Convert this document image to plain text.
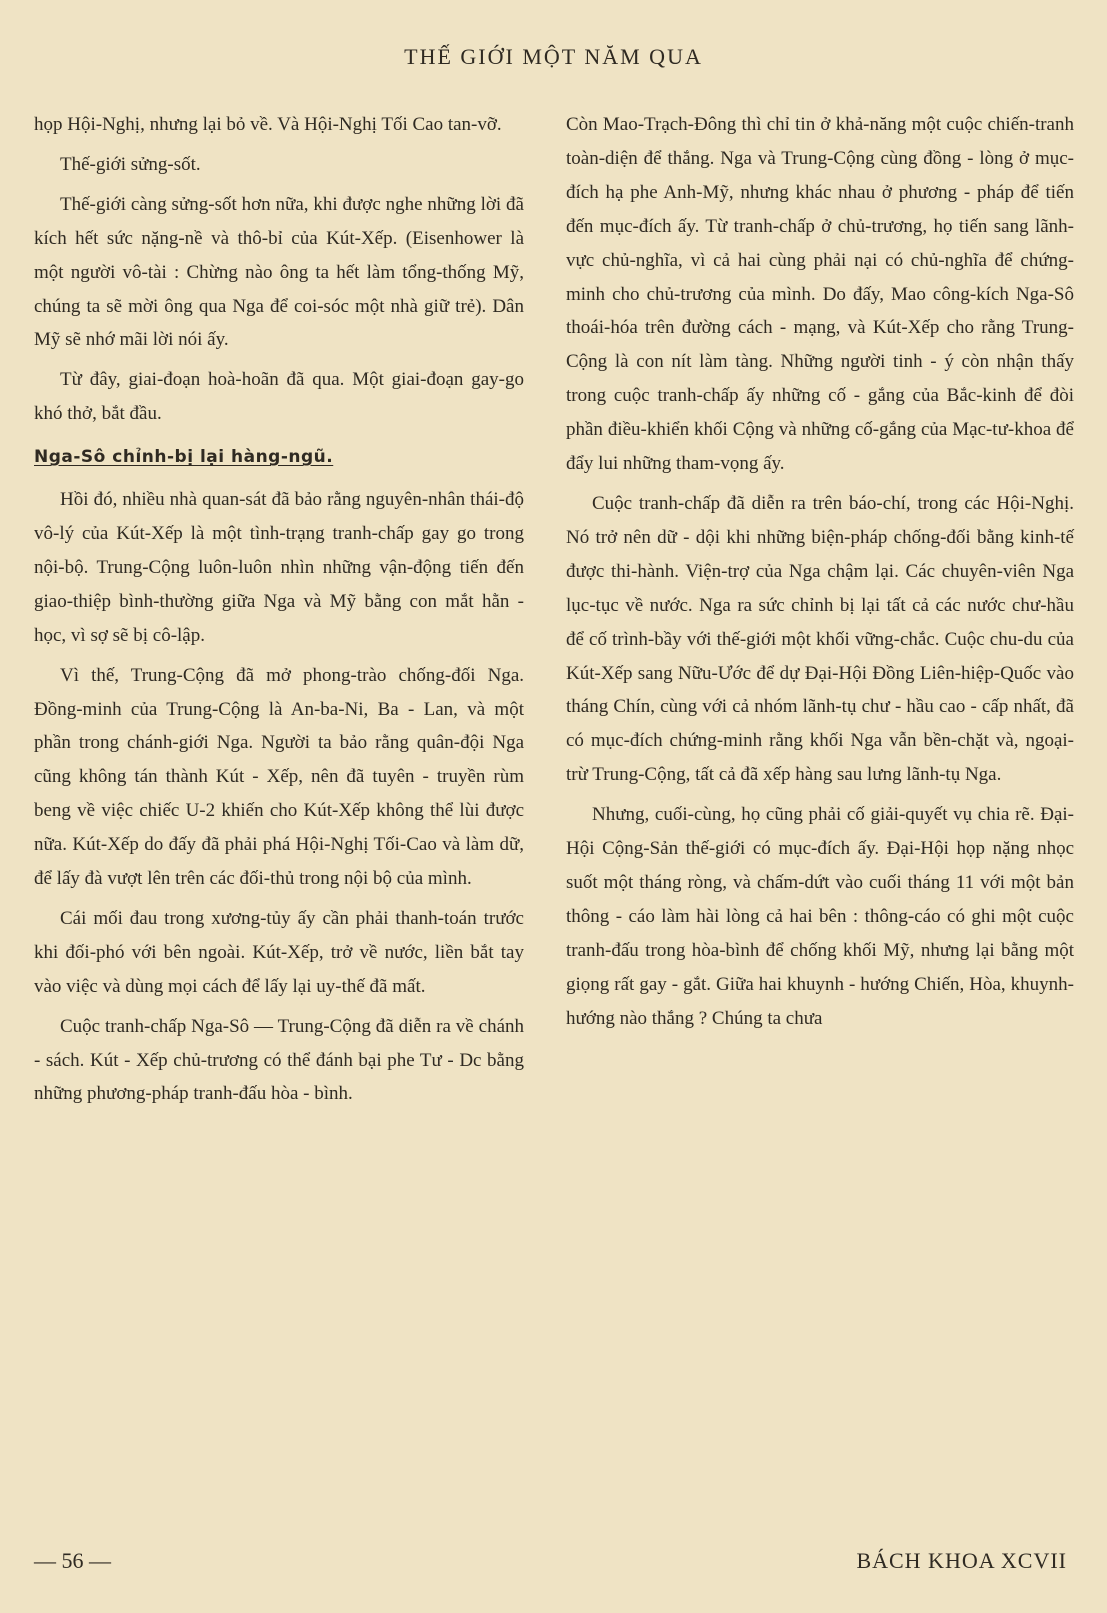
THẾ GIỚI MỘT NĂM QUA

họp Hội-Nghị, nhưng lại bỏ về. Và Hội-Nghị Tối Cao tan-vỡ.

Thế-giới sửng-sốt.

Thế-giới càng sửng-sốt hơn nữa, khi được nghe những lời đã kích hết sức nặng-nề và thô-bỉ của Kút-Xếp. (Eisenhower là một người vô-tài : Chừng nào ông ta hết làm tổng-thống Mỹ, chúng ta sẽ mời ông qua Nga để coi-sóc một nhà giữ trẻ). Dân Mỹ sẽ nhớ mãi lời nói ấy.

Từ đây, giai-đoạn hoà-hoãn đã qua. Một giai-đoạn gay-go khó thở, bắt đầu.

Nga-Sô chỉnh-bị lại hàng-ngũ.

Hồi đó, nhiều nhà quan-sát đã bảo rằng nguyên-nhân thái-độ vô-lý của Kút-Xếp là một tình-trạng tranh-chấp gay go trong nội-bộ. Trung-Cộng luôn-luôn nhìn những vận-động tiến đến giao-thiệp bình-thường giữa Nga và Mỹ bằng con mắt hằn - học, vì sợ sẽ bị cô-lập.

Vì thế, Trung-Cộng đã mở phong-trào chống-đối Nga. Đồng-minh của Trung-Cộng là An-ba-Ni, Ba - Lan, và một phần trong chánh-giới Nga. Người ta bảo rằng quân-đội Nga cũng không tán thành Kút - Xếp, nên đã tuyên - truyền rùm beng về việc chiếc U-2 khiến cho Kút-Xếp không thể lùi được nữa. Kút-Xếp do đấy đã phải phá Hội-Nghị Tối-Cao và làm dữ, để lấy đà vượt lên trên các đối-thủ trong nội bộ của mình.

Cái mối đau trong xương-tủy ấy cần phải thanh-toán trước khi đối-phó với bên ngoài. Kút-Xếp, trở về nước, liền bắt tay vào việc và dùng mọi cách để lấy lại uy-thế đã mất.

Cuộc tranh-chấp Nga-Sô — Trung-Cộng đã diễn ra về chánh - sách. Kút - Xếp chủ-trương có thể đánh bại phe Tư - Dc bằng những phương-pháp tranh-đấu hòa - bình.

Còn Mao-Trạch-Đông thì chỉ tin ở khả-năng một cuộc chiến-tranh toàn-diện để thắng. Nga và Trung-Cộng cùng đồng - lòng ở mục-đích hạ phe Anh-Mỹ, nhưng khác nhau ở phương - pháp để tiến đến mục-đích ấy. Từ tranh-chấp ở chủ-trương, họ tiến sang lãnh-vực chủ-nghĩa, vì cả hai cùng phải nại có chủ-nghĩa để chứng-minh cho chủ-trương của mình. Do đấy, Mao công-kích Nga-Sô thoái-hóa trên đường cách - mạng, và Kút-Xếp cho rằng Trung-Cộng là con nít làm tàng. Những người tinh - ý còn nhận thấy trong cuộc tranh-chấp ấy những cố - gắng của Bắc-kinh để đòi phần điều-khiển khối Cộng và những cố-gắng của Mạc-tư-khoa để đẩy lui những tham-vọng ấy.

Cuộc tranh-chấp đã diễn ra trên báo-chí, trong các Hội-Nghị. Nó trở nên dữ - dội khi những biện-pháp chống-đối bằng kinh-tế được thi-hành. Viện-trợ của Nga chậm lại. Các chuyên-viên Nga lục-tục về nước. Nga ra sức chỉnh bị lại tất cả các nước chư-hầu để cố trình-bầy với thế-giới một khối vững-chắc. Cuộc chu-du của Kút-Xếp sang Nữu-Ước để dự Đại-Hội Đồng Liên-hiệp-Quốc vào tháng Chín, cùng với cả nhóm lãnh-tụ chư - hầu cao - cấp nhất, đã có mục-đích chứng-minh rằng khối Nga vẫn bền-chặt và, ngoại-trừ Trung-Cộng, tất cả đã xếp hàng sau lưng lãnh-tụ Nga.

Nhưng, cuối-cùng, họ cũng phải cố giải-quyết vụ chia rẽ. Đại-Hội Cộng-Sản thế-giới có mục-đích ấy. Đại-Hội họp nặng nhọc suốt một tháng ròng, và chấm-dứt vào cuối tháng 11 với một bản thông - cáo làm hài lòng cả hai bên : thông-cáo có ghi một cuộc tranh-đấu trong hòa-bình để chống khối Mỹ, nhưng lại bằng một giọng rất gay - gắt. Giữa hai khuynh - hướng Chiến, Hòa, khuynh-hướng nào thắng ? Chúng ta chưa

— 56 —	BÁCH KHOA XCVII
